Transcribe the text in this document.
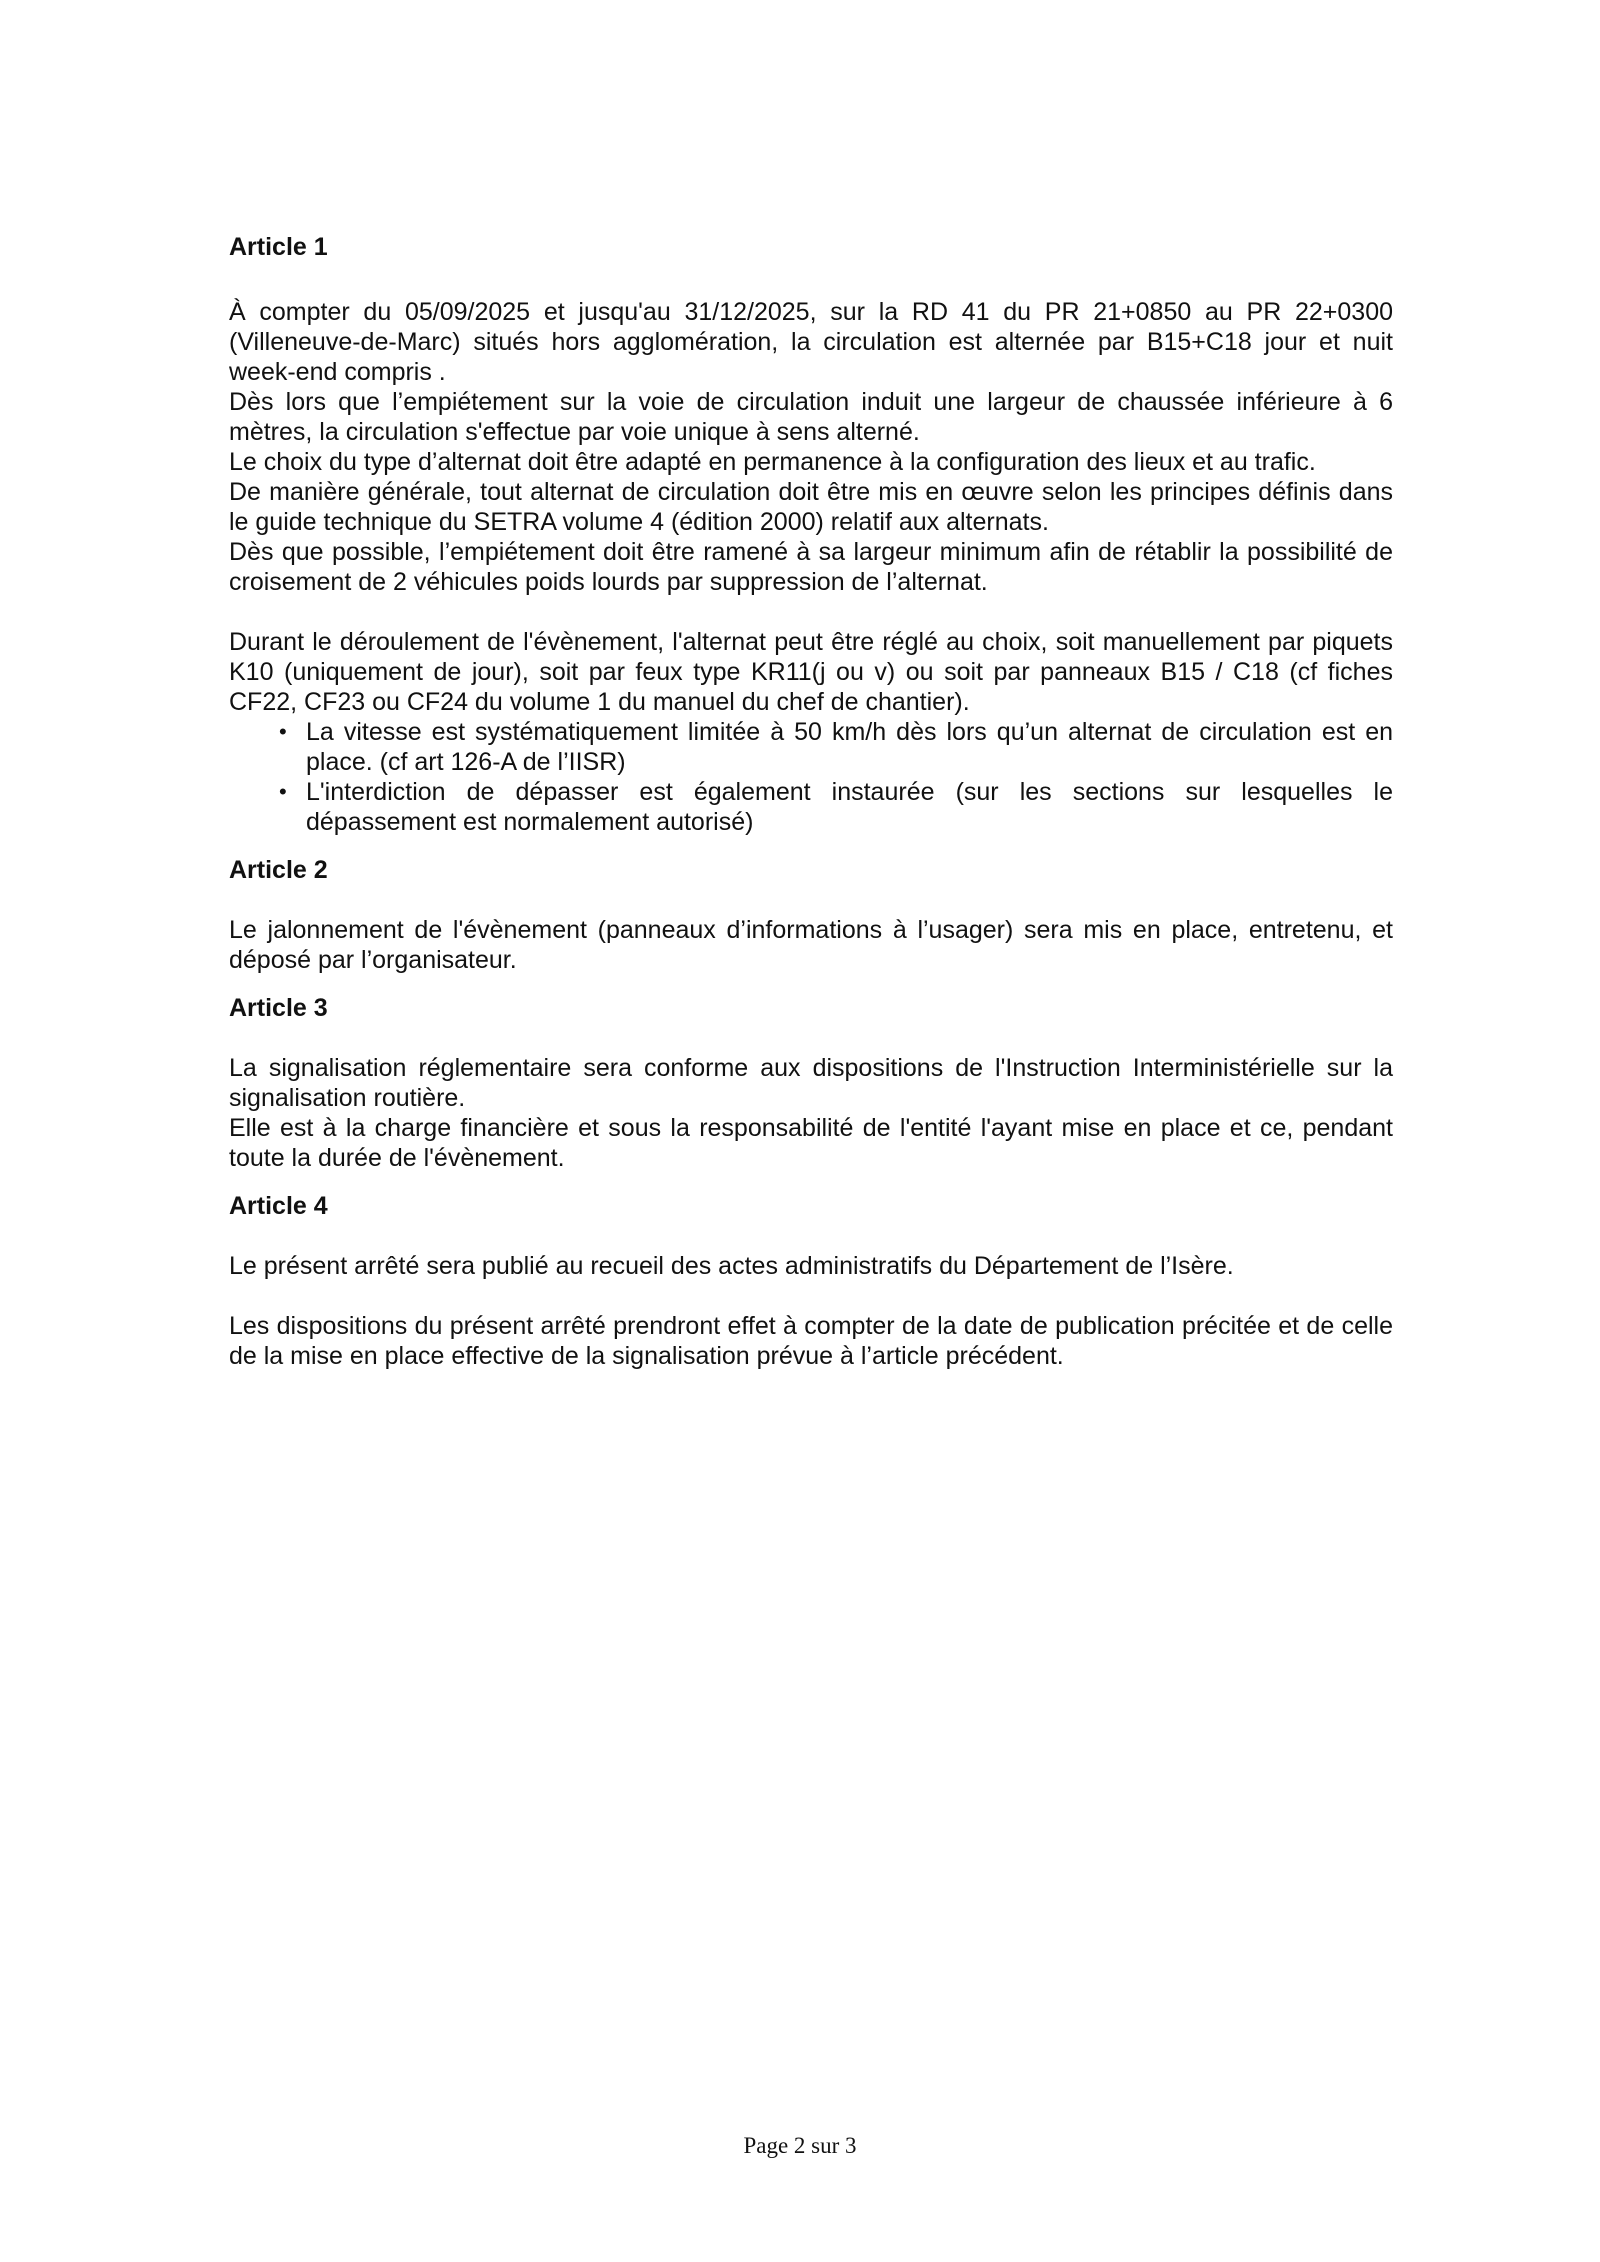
Article 1

À compter du 05/09/2025 et jusqu'au 31/12/2025, sur la RD 41 du PR 21+0850 au PR 22+0300 (Villeneuve-de-Marc) situés hors agglomération, la circulation est alternée par B15+C18 jour et nuit week-end compris .

Dès lors que l’empiétement sur la voie de circulation induit une largeur de chaussée inférieure à 6 mètres, la circulation s'effectue par voie unique à sens alterné.

Le choix du type d’alternat doit être adapté en permanence à la configuration des lieux et au trafic.

De manière générale, tout alternat de circulation doit être mis en œuvre selon les principes définis dans le guide technique du SETRA volume 4 (édition 2000) relatif aux alternats.

Dès que possible, l’empiétement doit être ramené à sa largeur minimum afin de rétablir la possibilité de croisement de 2 véhicules poids lourds par suppression de l’alternat.

Durant le déroulement de l'évènement, l'alternat peut être réglé au choix, soit manuellement par piquets K10 (uniquement de jour), soit par feux type KR11(j ou v) ou soit par panneaux B15 / C18 (cf fiches CF22, CF23 ou CF24 du volume 1 du manuel du chef de chantier).

• La vitesse est systématiquement limitée à 50 km/h dès lors qu’un alternat de circulation est en place. (cf art 126-A de l’IISR)
• L'interdiction de dépasser est également instaurée (sur les sections sur lesquelles le dépassement est normalement autorisé)

Article 2

Le jalonnement de l'évènement (panneaux d’informations à l’usager) sera mis en place, entretenu, et déposé par l’organisateur.

Article 3

La signalisation réglementaire sera conforme aux dispositions de l'Instruction Interministérielle sur la signalisation routière.

Elle est à la charge financière et sous la responsabilité de l'entité l'ayant mise en place et ce, pendant toute la durée de l'évènement.

Article 4

Le présent arrêté sera publié au recueil des actes administratifs du Département de l’Isère.

Les dispositions du présent arrêté prendront effet à compter de la date de publication précitée et de celle de la mise en place effective de la signalisation prévue à l’article précédent.

Page 2 sur 3
